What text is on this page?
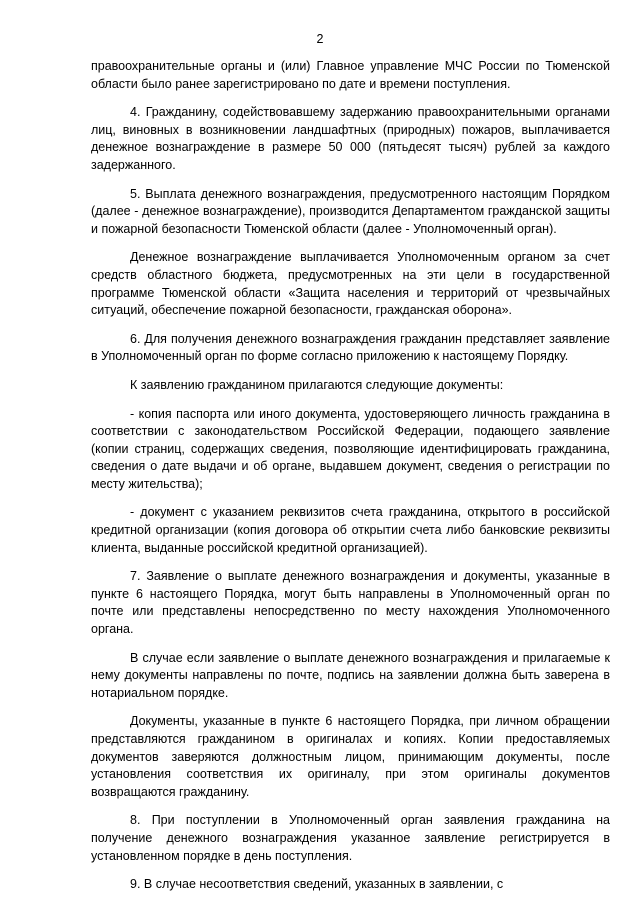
2

правоохранительные органы и (или) Главное управление МЧС России по Тюменской области было ранее зарегистрировано по дате и времени поступления.

4. Гражданину, содействовавшему задержанию правоохранительными органами лиц, виновных в возникновении ландшафтных (природных) пожаров, выплачивается денежное вознаграждение в размере 50 000 (пятьдесят тысяч) рублей за каждого задержанного.

5. Выплата денежного вознаграждения, предусмотренного настоящим Порядком (далее - денежное вознаграждение), производится Департаментом гражданской защиты и пожарной безопасности Тюменской области (далее - Уполномоченный орган).

Денежное вознаграждение выплачивается Уполномоченным органом за счет средств областного бюджета, предусмотренных на эти цели в государственной программе Тюменской области «Защита населения и территорий от чрезвычайных ситуаций, обеспечение пожарной безопасности, гражданская оборона».

6. Для получения денежного вознаграждения гражданин представляет заявление в Уполномоченный орган по форме согласно приложению к настоящему Порядку.

К заявлению гражданином прилагаются следующие документы:

- копия паспорта или иного документа, удостоверяющего личность гражданина в соответствии с законодательством Российской Федерации, подающего заявление (копии страниц, содержащих сведения, позволяющие идентифицировать гражданина, сведения о дате выдачи и об органе, выдавшем документ, сведения о регистрации по месту жительства);

- документ с указанием реквизитов счета гражданина, открытого в российской кредитной организации (копия договора об открытии счета либо банковские реквизиты клиента, выданные российской кредитной организацией).

7. Заявление о выплате денежного вознаграждения и документы, указанные в пункте 6 настоящего Порядка, могут быть направлены в Уполномоченный орган по почте или представлены непосредственно по месту нахождения Уполномоченного органа.

В случае если заявление о выплате денежного вознаграждения и прилагаемые к нему документы направлены по почте, подпись на заявлении должна быть заверена в нотариальном порядке.

Документы, указанные в пункте 6 настоящего Порядка, при личном обращении представляются гражданином в оригиналах и копиях. Копии предоставляемых документов заверяются должностным лицом, принимающим документы, после установления соответствия их оригиналу, при этом оригиналы документов возвращаются гражданину.

8. При поступлении в Уполномоченный орган заявления гражданина на получение денежного вознаграждения указанное заявление регистрируется в установленном порядке в день поступления.

9. В случае несоответствия сведений, указанных в заявлении, с
